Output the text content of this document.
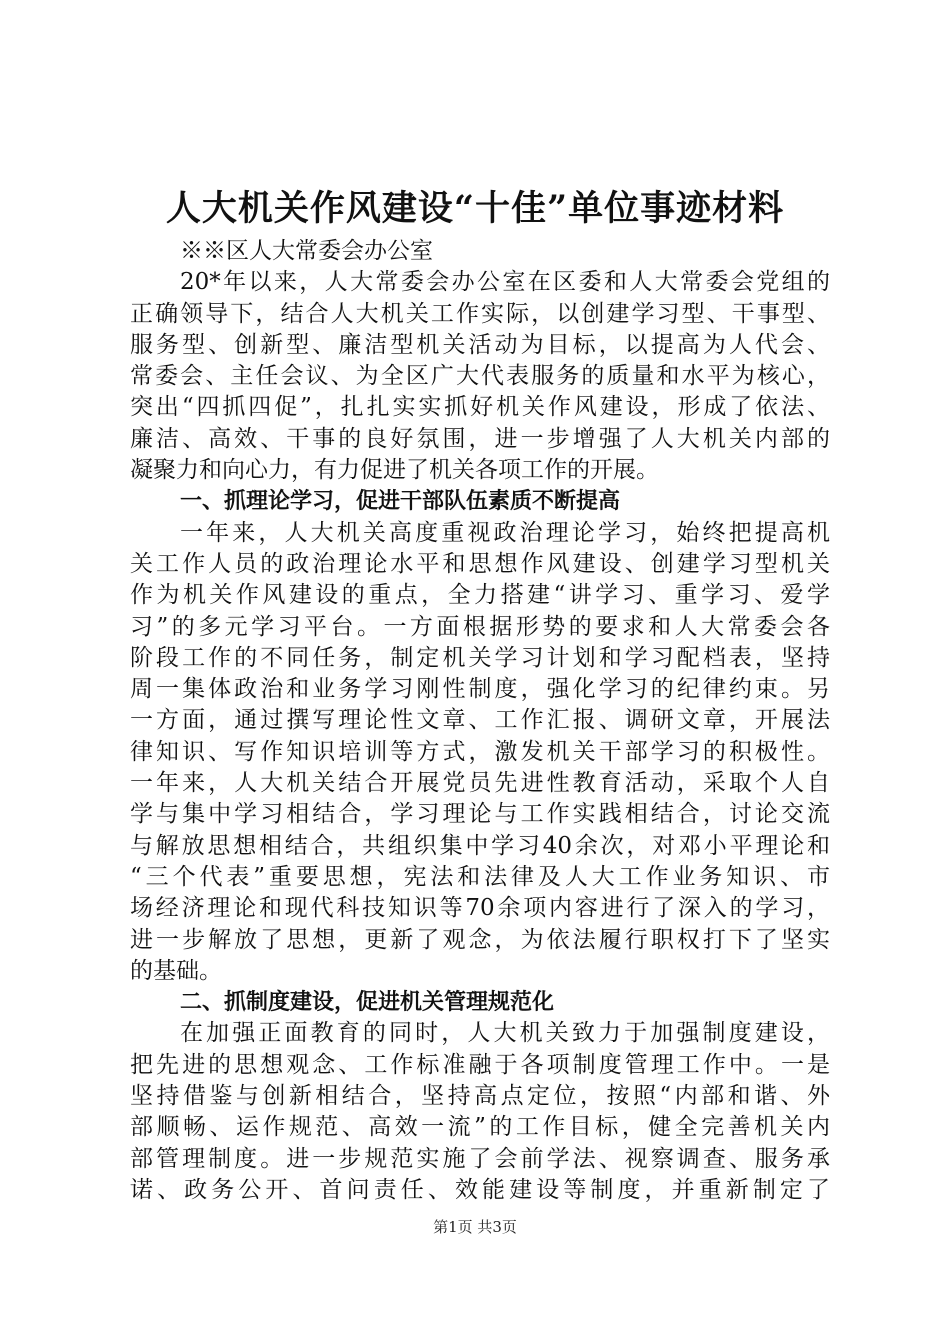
人大机关作风建设“十佳”单位事迹材料
※※区人大常委会办公室
20*年以来，人大常委会办公室在区委和人大常委会党组的
正确领导下，结合人大机关工作实际，以创建学习型、干事型、
服务型、创新型、廉洁型机关活动为目标，以提高为人代会、
常委会、主任会议、为全区广大代表服务的质量和水平为核心，
突出“四抓四促”，扎扎实实抓好机关作风建设，形成了依法、
廉洁、高效、干事的良好氛围，进一步增强了人大机关内部的
凝聚力和向心力，有力促进了机关各项工作的开展。
一、抓理论学习，促进干部队伍素质不断提高
一年来，人大机关高度重视政治理论学习，始终把提高机
关工作人员的政治理论水平和思想作风建设、创建学习型机关
作为机关作风建设的重点，全力搭建“讲学习、重学习、爱学
习”的多元学习平台。一方面根据形势的要求和人大常委会各
阶段工作的不同任务，制定机关学习计划和学习配档表，坚持
周一集体政治和业务学习刚性制度，强化学习的纪律约束。另
一方面，通过撰写理论性文章、工作汇报、调研文章，开展法
律知识、写作知识培训等方式，激发机关干部学习的积极性。
一年来，人大机关结合开展党员先进性教育活动，采取个人自
学与集中学习相结合，学习理论与工作实践相结合，讨论交流
与解放思想相结合，共组织集中学习40余次，对邓小平理论和
“三个代表”重要思想，宪法和法律及人大工作业务知识、市
场经济理论和现代科技知识等70余项内容进行了深入的学习，
进一步解放了思想，更新了观念，为依法履行职权打下了坚实
的基础。
二、抓制度建设，促进机关管理规范化
在加强正面教育的同时，人大机关致力于加强制度建设，
把先进的思想观念、工作标准融于各项制度管理工作中。一是
坚持借鉴与创新相结合，坚持高点定位，按照“内部和谐、外
部顺畅、运作规范、高效一流”的工作目标，健全完善机关内
部管理制度。进一步规范实施了会前学法、视察调查、服务承
诺、政务公开、首问责任、效能建设等制度，并重新制定了
第1页 共3页
